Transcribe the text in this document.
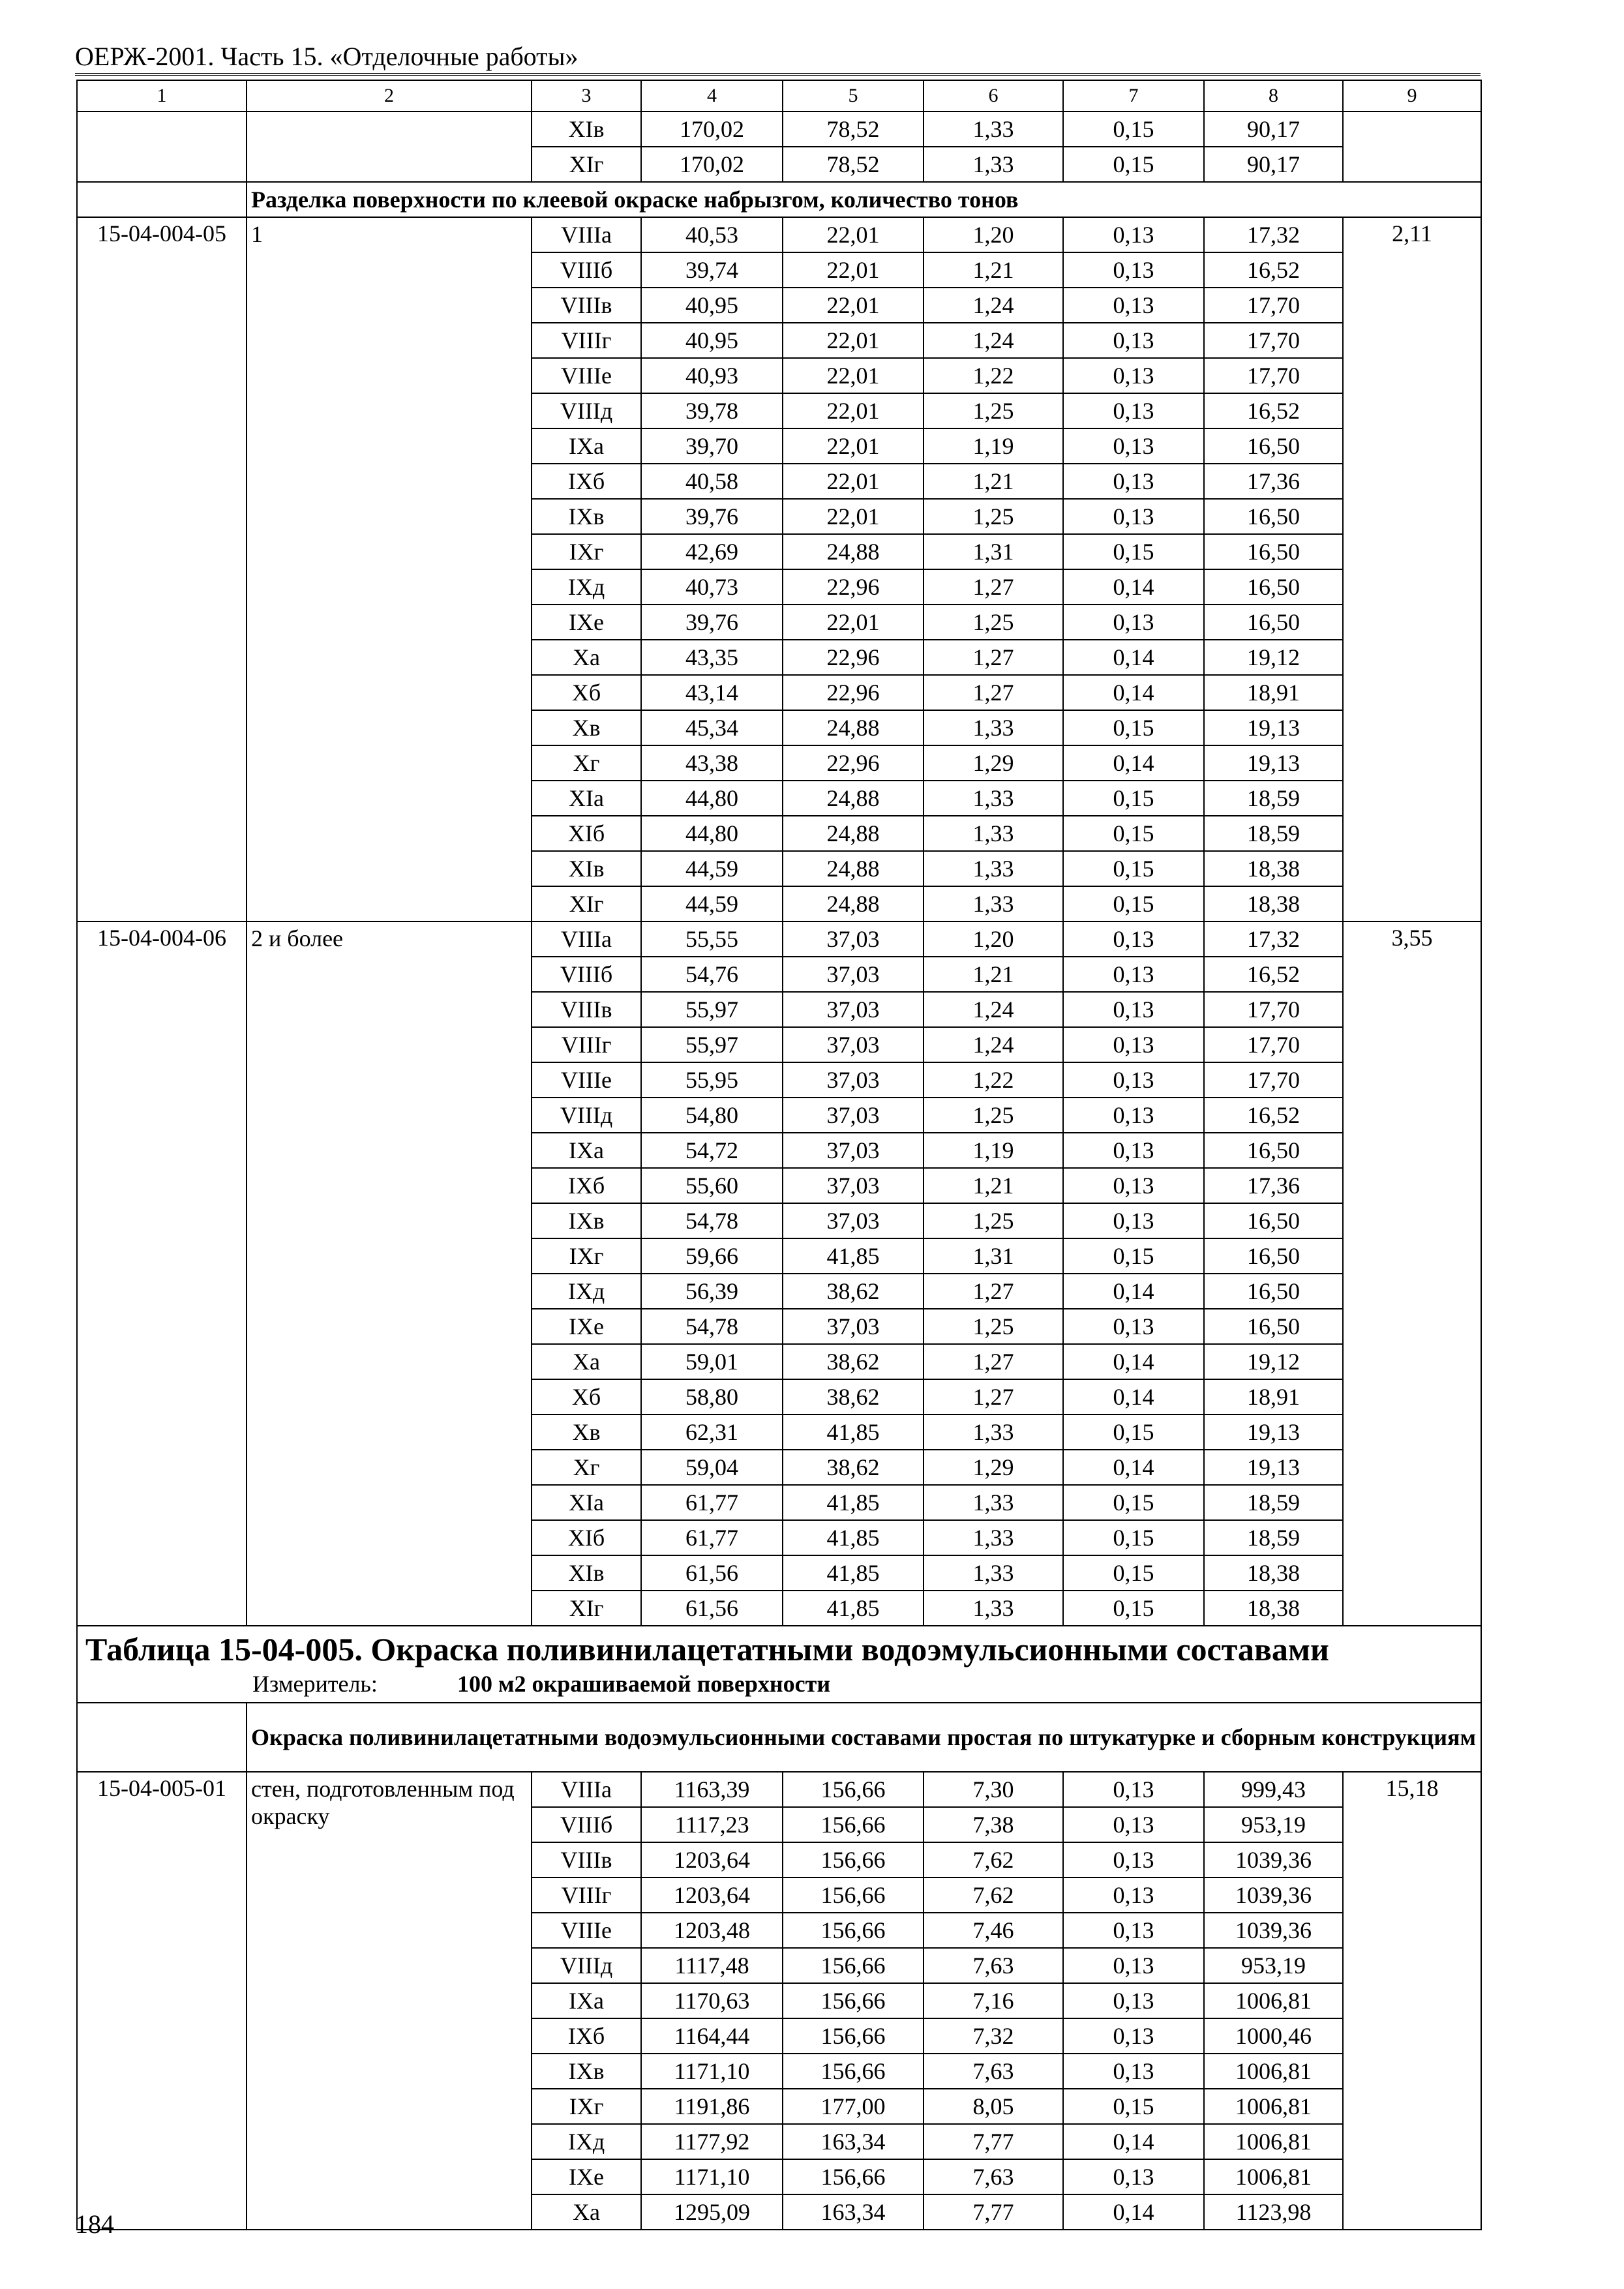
ОЕРЖ-2001. Часть 15. «Отделочные работы»
1	2	3	4	5	6	7	8	9
		XIв	170,02	78,52	1,33	0,15	90,17	
		XIг	170,02	78,52	1,33	0,15	90,17	
	Разделка поверхности по клеевой окраске набрызгом, количество тонов							
15-04-004-05	1	VIIIа	40,53	22,01	1,20	0,13	17,32	2,11
		VIIIб	39,74	22,01	1,21	0,13	16,52	
		VIIIв	40,95	22,01	1,24	0,13	17,70	
		VIIIг	40,95	22,01	1,24	0,13	17,70	
		VIIIе	40,93	22,01	1,22	0,13	17,70	
		VIIIд	39,78	22,01	1,25	0,13	16,52	
		IXа	39,70	22,01	1,19	0,13	16,50	
		IXб	40,58	22,01	1,21	0,13	17,36	
		IXв	39,76	22,01	1,25	0,13	16,50	
		IXг	42,69	24,88	1,31	0,15	16,50	
		IXд	40,73	22,96	1,27	0,14	16,50	
		IXе	39,76	22,01	1,25	0,13	16,50	
		Xа	43,35	22,96	1,27	0,14	19,12	
		Xб	43,14	22,96	1,27	0,14	18,91	
		Xв	45,34	24,88	1,33	0,15	19,13	
		Xг	43,38	22,96	1,29	0,14	19,13	
		XIа	44,80	24,88	1,33	0,15	18,59	
		XIб	44,80	24,88	1,33	0,15	18,59	
		XIв	44,59	24,88	1,33	0,15	18,38	
		XIг	44,59	24,88	1,33	0,15	18,38	
15-04-004-06	2 и более	VIIIа	55,55	37,03	1,20	0,13	17,32	3,55
		VIIIб	54,76	37,03	1,21	0,13	16,52	
		VIIIв	55,97	37,03	1,24	0,13	17,70	
		VIIIг	55,97	37,03	1,24	0,13	17,70	
		VIIIе	55,95	37,03	1,22	0,13	17,70	
		VIIIд	54,80	37,03	1,25	0,13	16,52	
		IXа	54,72	37,03	1,19	0,13	16,50	
		IXб	55,60	37,03	1,21	0,13	17,36	
		IXв	54,78	37,03	1,25	0,13	16,50	
		IXг	59,66	41,85	1,31	0,15	16,50	
		IXд	56,39	38,62	1,27	0,14	16,50	
		IXе	54,78	37,03	1,25	0,13	16,50	
		Xа	59,01	38,62	1,27	0,14	19,12	
		Xб	58,80	38,62	1,27	0,14	18,91	
		Xв	62,31	41,85	1,33	0,15	19,13	
		Xг	59,04	38,62	1,29	0,14	19,13	
		XIа	61,77	41,85	1,33	0,15	18,59	
		XIб	61,77	41,85	1,33	0,15	18,59	
		XIв	61,56	41,85	1,33	0,15	18,38	
		XIг	61,56	41,85	1,33	0,15	18,38	

Таблица 15-04-005. Окраска поливинилацетатными водоэмульсионными составами
Измеритель: 100 м2 окрашиваемой поверхности								

	Окраска поливинилацетатными водоэмульсионными составами простая по штукатурке и сборным конструкциям							
15-04-005-01	стен, подготовленным под окраску	VIIIа	1163,39	156,66	7,30	0,13	999,43	15,18
		VIIIб	1117,23	156,66	7,38	0,13	953,19	
		VIIIв	1203,64	156,66	7,62	0,13	1039,36	
		VIIIг	1203,64	156,66	7,62	0,13	1039,36	
		VIIIе	1203,48	156,66	7,46	0,13	1039,36	
		VIIIд	1117,48	156,66	7,63	0,13	953,19	
		IXа	1170,63	156,66	7,16	0,13	1006,81	
		IXб	1164,44	156,66	7,32	0,13	1000,46	
		IXв	1171,10	156,66	7,63	0,13	1006,81	
		IXг	1191,86	177,00	8,05	0,15	1006,81	
		IXд	1177,92	163,34	7,77	0,14	1006,81	
		IXе	1171,10	156,66	7,63	0,13	1006,81	
		Xа	1295,09	163,34	7,77	0,14	1123,98	
184
